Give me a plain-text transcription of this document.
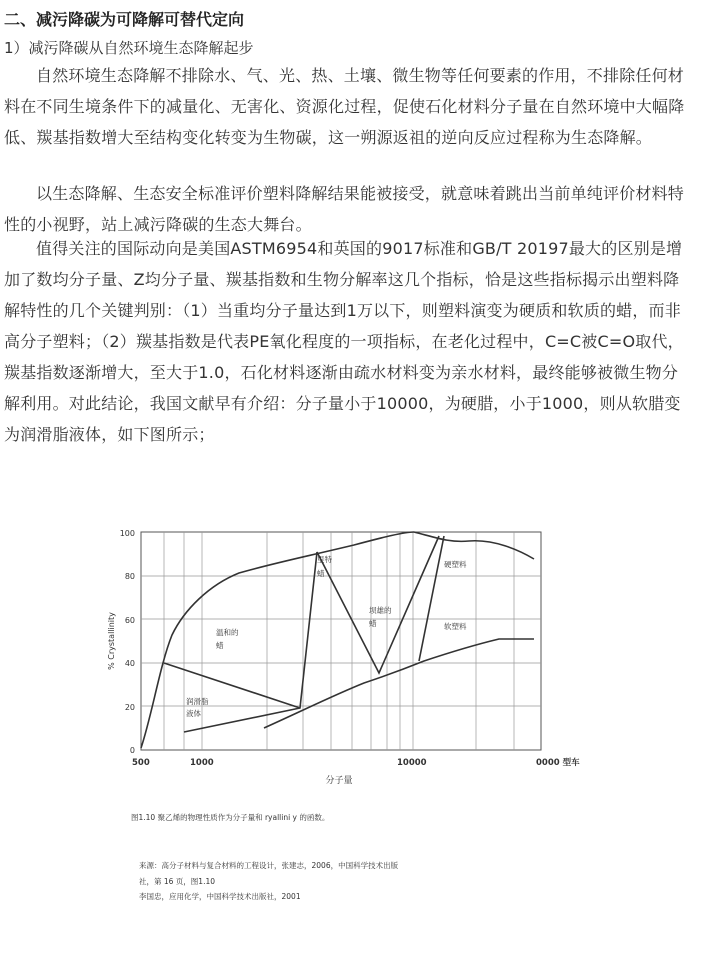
二、减污降碳为可降解可替代定向
1）减污降碳从自然环境生态降解起步

自然环境生态降解不排除水、气、光、热、土壤、微生物等任何要素的作用，不排除任何材料在不同生境条件下的减量化、无害化、资源化过程，促使石化材料分子量在自然环境中大幅降低、羰基指数增大至结构变化转变为生物碳，这一朔源返祖的逆向反应过程称为生态降解。

以生态降解、生态安全标准评价塑料降解结果能被接受，就意味着跳出当前单纯评价材料特性的小视野，站上减污降碳的生态大舞台。

值得关注的国际动向是美国ASTM6954和英国的9017标准和GB/T 20197最大的区别是增加了数均分子量、Z均分子量、羰基指数和生物分解率这几个指标，恰是这些指标揭示出塑料降解特性的几个关键判别：（1）当重均分子量达到1万以下，则塑料演变为硬质和软质的蜡，而非高分子塑料；（2）羰基指数是代表PE氧化程度的一项指标，在老化过程中，C=C被C=O取代，羰基指数逐渐增大，至大于1.0，石化材料逐渐由疏水材料变为亲水材料，最终能够被微生物分解利用。对此结论，我国文献早有介绍：分子量小于10000，为硬腊，小于1000，则从软腊变为润滑脂液体，如下图所示；

0
20
40
60
80
100
500	1000	10000	0000 型车
分子量
% Crystallinity	温和的蜡
润滑脂液体
里特蜡
坝雄的蜡
硬塑料
软塑料
图1.10 聚乙烯的物理性质作为分子量和 ryallini y 的函数。
来源：高分子材料与复合材料的工程设计，张建志，2006，中国科学技术出版
社，第 16 页，图1.10
李国忠，应用化学，中国科学技术出版社，2001
